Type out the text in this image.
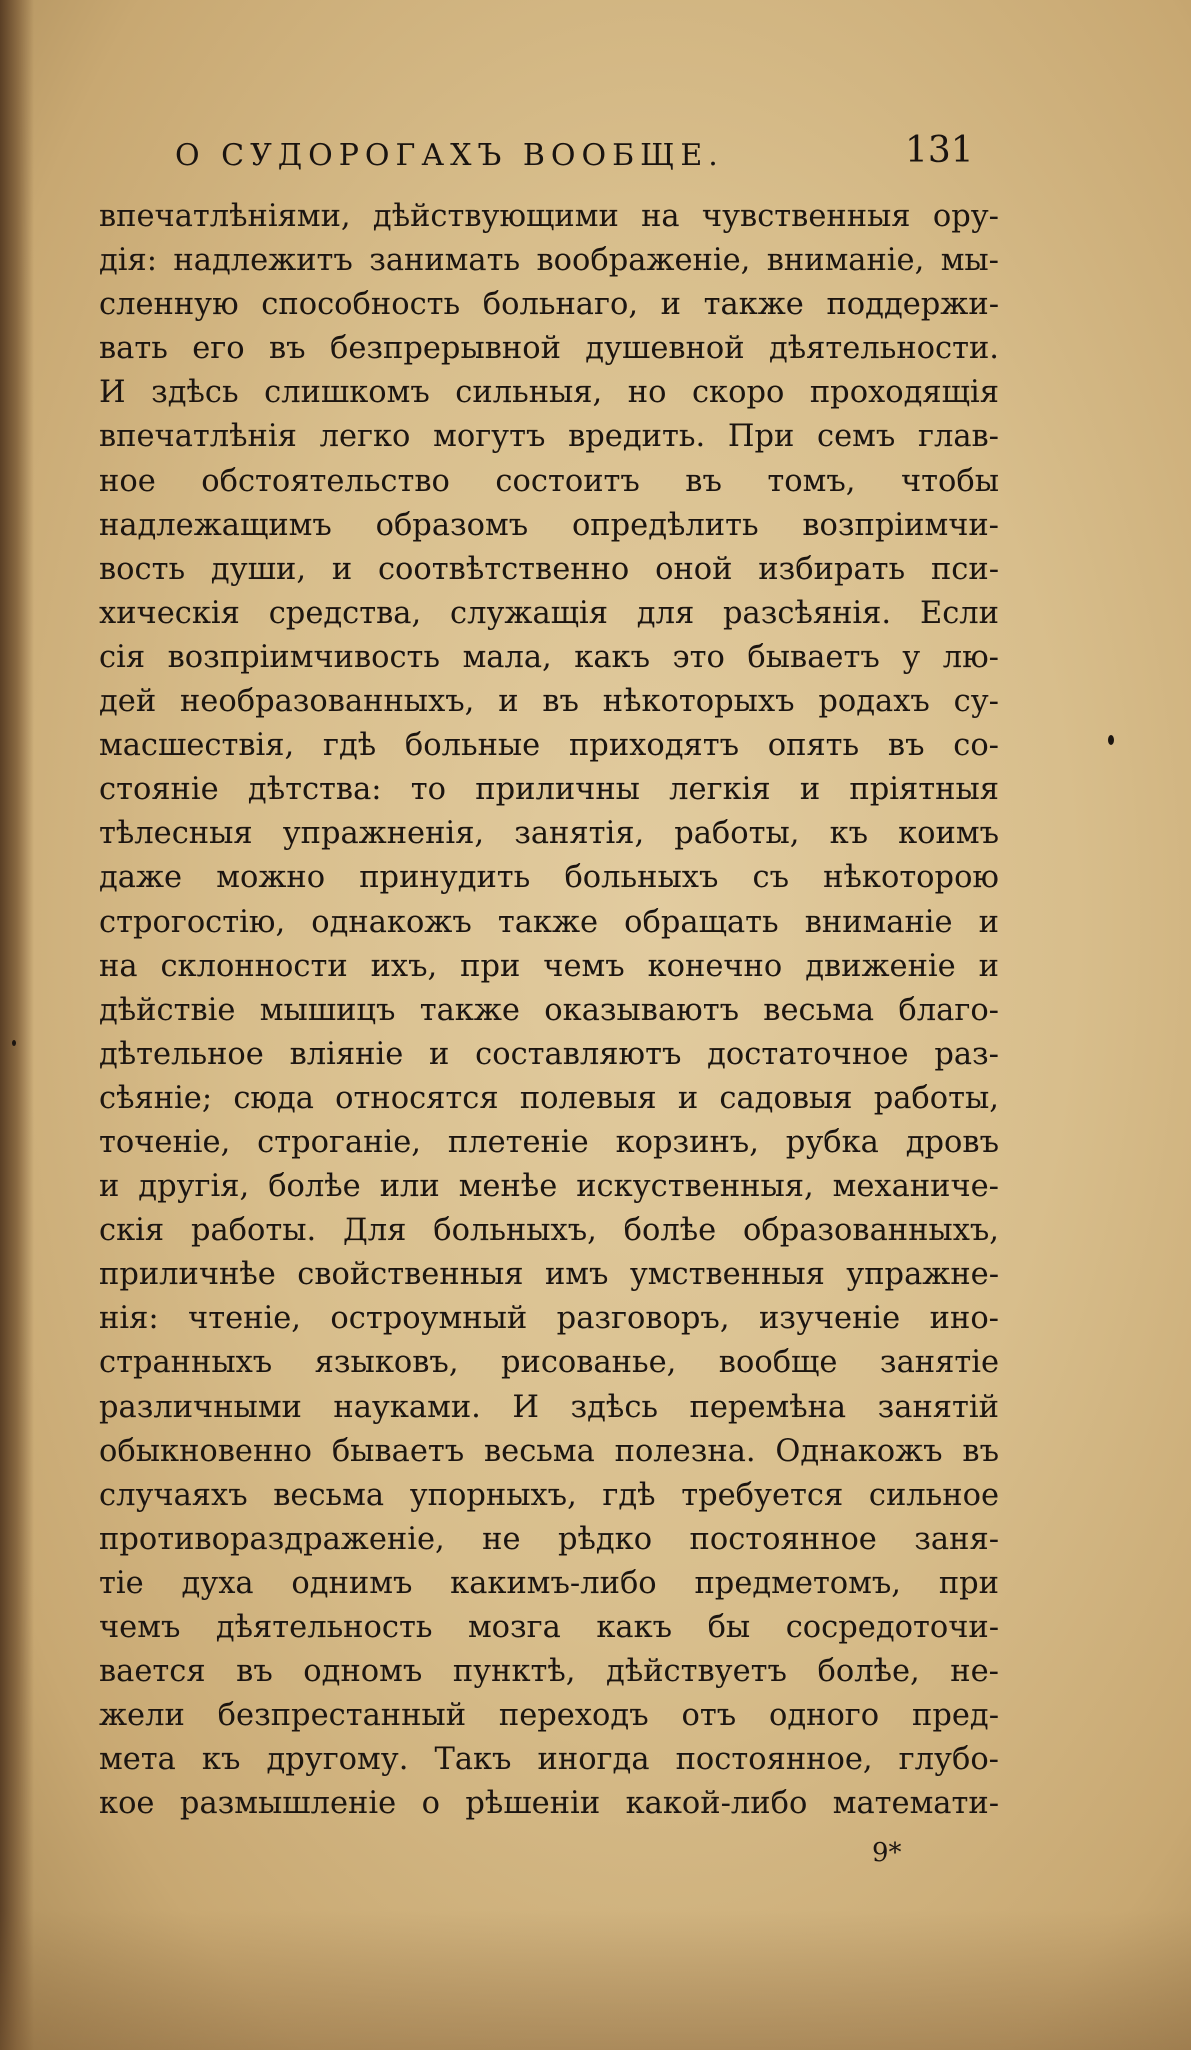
О СУДОРОГАХЪ ВООБЩЕ.	131
впечатлѣніями, дѣйствующими на чувственныя ору-
дія: надлежитъ занимать воображеніе, вниманіе, мы-
сленную способность больнаго, и также поддержи-
вать его въ безпрерывной душевной дѣятельности.
И здѣсь слишкомъ сильныя, но скоро проходящія
впечатлѣнія легко могутъ вредить. При семъ глав-
ное обстоятельство состоитъ въ томъ, чтобы
надлежащимъ образомъ опредѣлить возпріимчи-
вость души, и соотвѣтственно оной избирать пси-
хическія средства, служащія для разсѣянія. Если
сія возпріимчивость мала, какъ это бываетъ у лю-
дей необразованныхъ, и въ нѣкоторыхъ родахъ су-
масшествія, гдѣ больные приходятъ опять въ со-
стояніе дѣтства: то приличны легкія и пріятныя
тѣлесныя упражненія, занятія, работы, къ коимъ
даже можно принудить больныхъ съ нѣкоторою
строгостію, однакожъ также обращать вниманіе и
на склонности ихъ, при чемъ конечно движеніе и
дѣйствіе мышицъ также оказываютъ весьма благо-
дѣтельное вліяніе и составляютъ достаточное раз-
сѣяніе; сюда относятся полевыя и садовыя работы,
точеніе, строганіе, плетеніе корзинъ, рубка дровъ
и другія, болѣе или менѣе искуственныя, механиче-
скія работы. Для больныхъ, болѣе образованныхъ,
приличнѣе свойственныя имъ умственныя упражне-
нія: чтеніе, остроумный разговоръ, изученіе ино-
странныхъ языковъ, рисованье, вообще занятіе
различными науками. И здѣсь перемѣна занятій
обыкновенно бываетъ весьма полезна. Однакожъ въ
случаяхъ весьма упорныхъ, гдѣ требуется сильное
противораздраженіе, не рѣдко постоянное заня-
тіе духа однимъ какимъ-либо предметомъ, при
чемъ дѣятельность мозга какъ бы сосредоточи-
вается въ одномъ пунктѣ, дѣйствуетъ болѣе, не-
жели безпрестанный переходъ отъ одного пред-
мета къ другому. Такъ иногда постоянное, глубо-
кое размышленіе о рѣшеніи какой-либо математи-
9*
